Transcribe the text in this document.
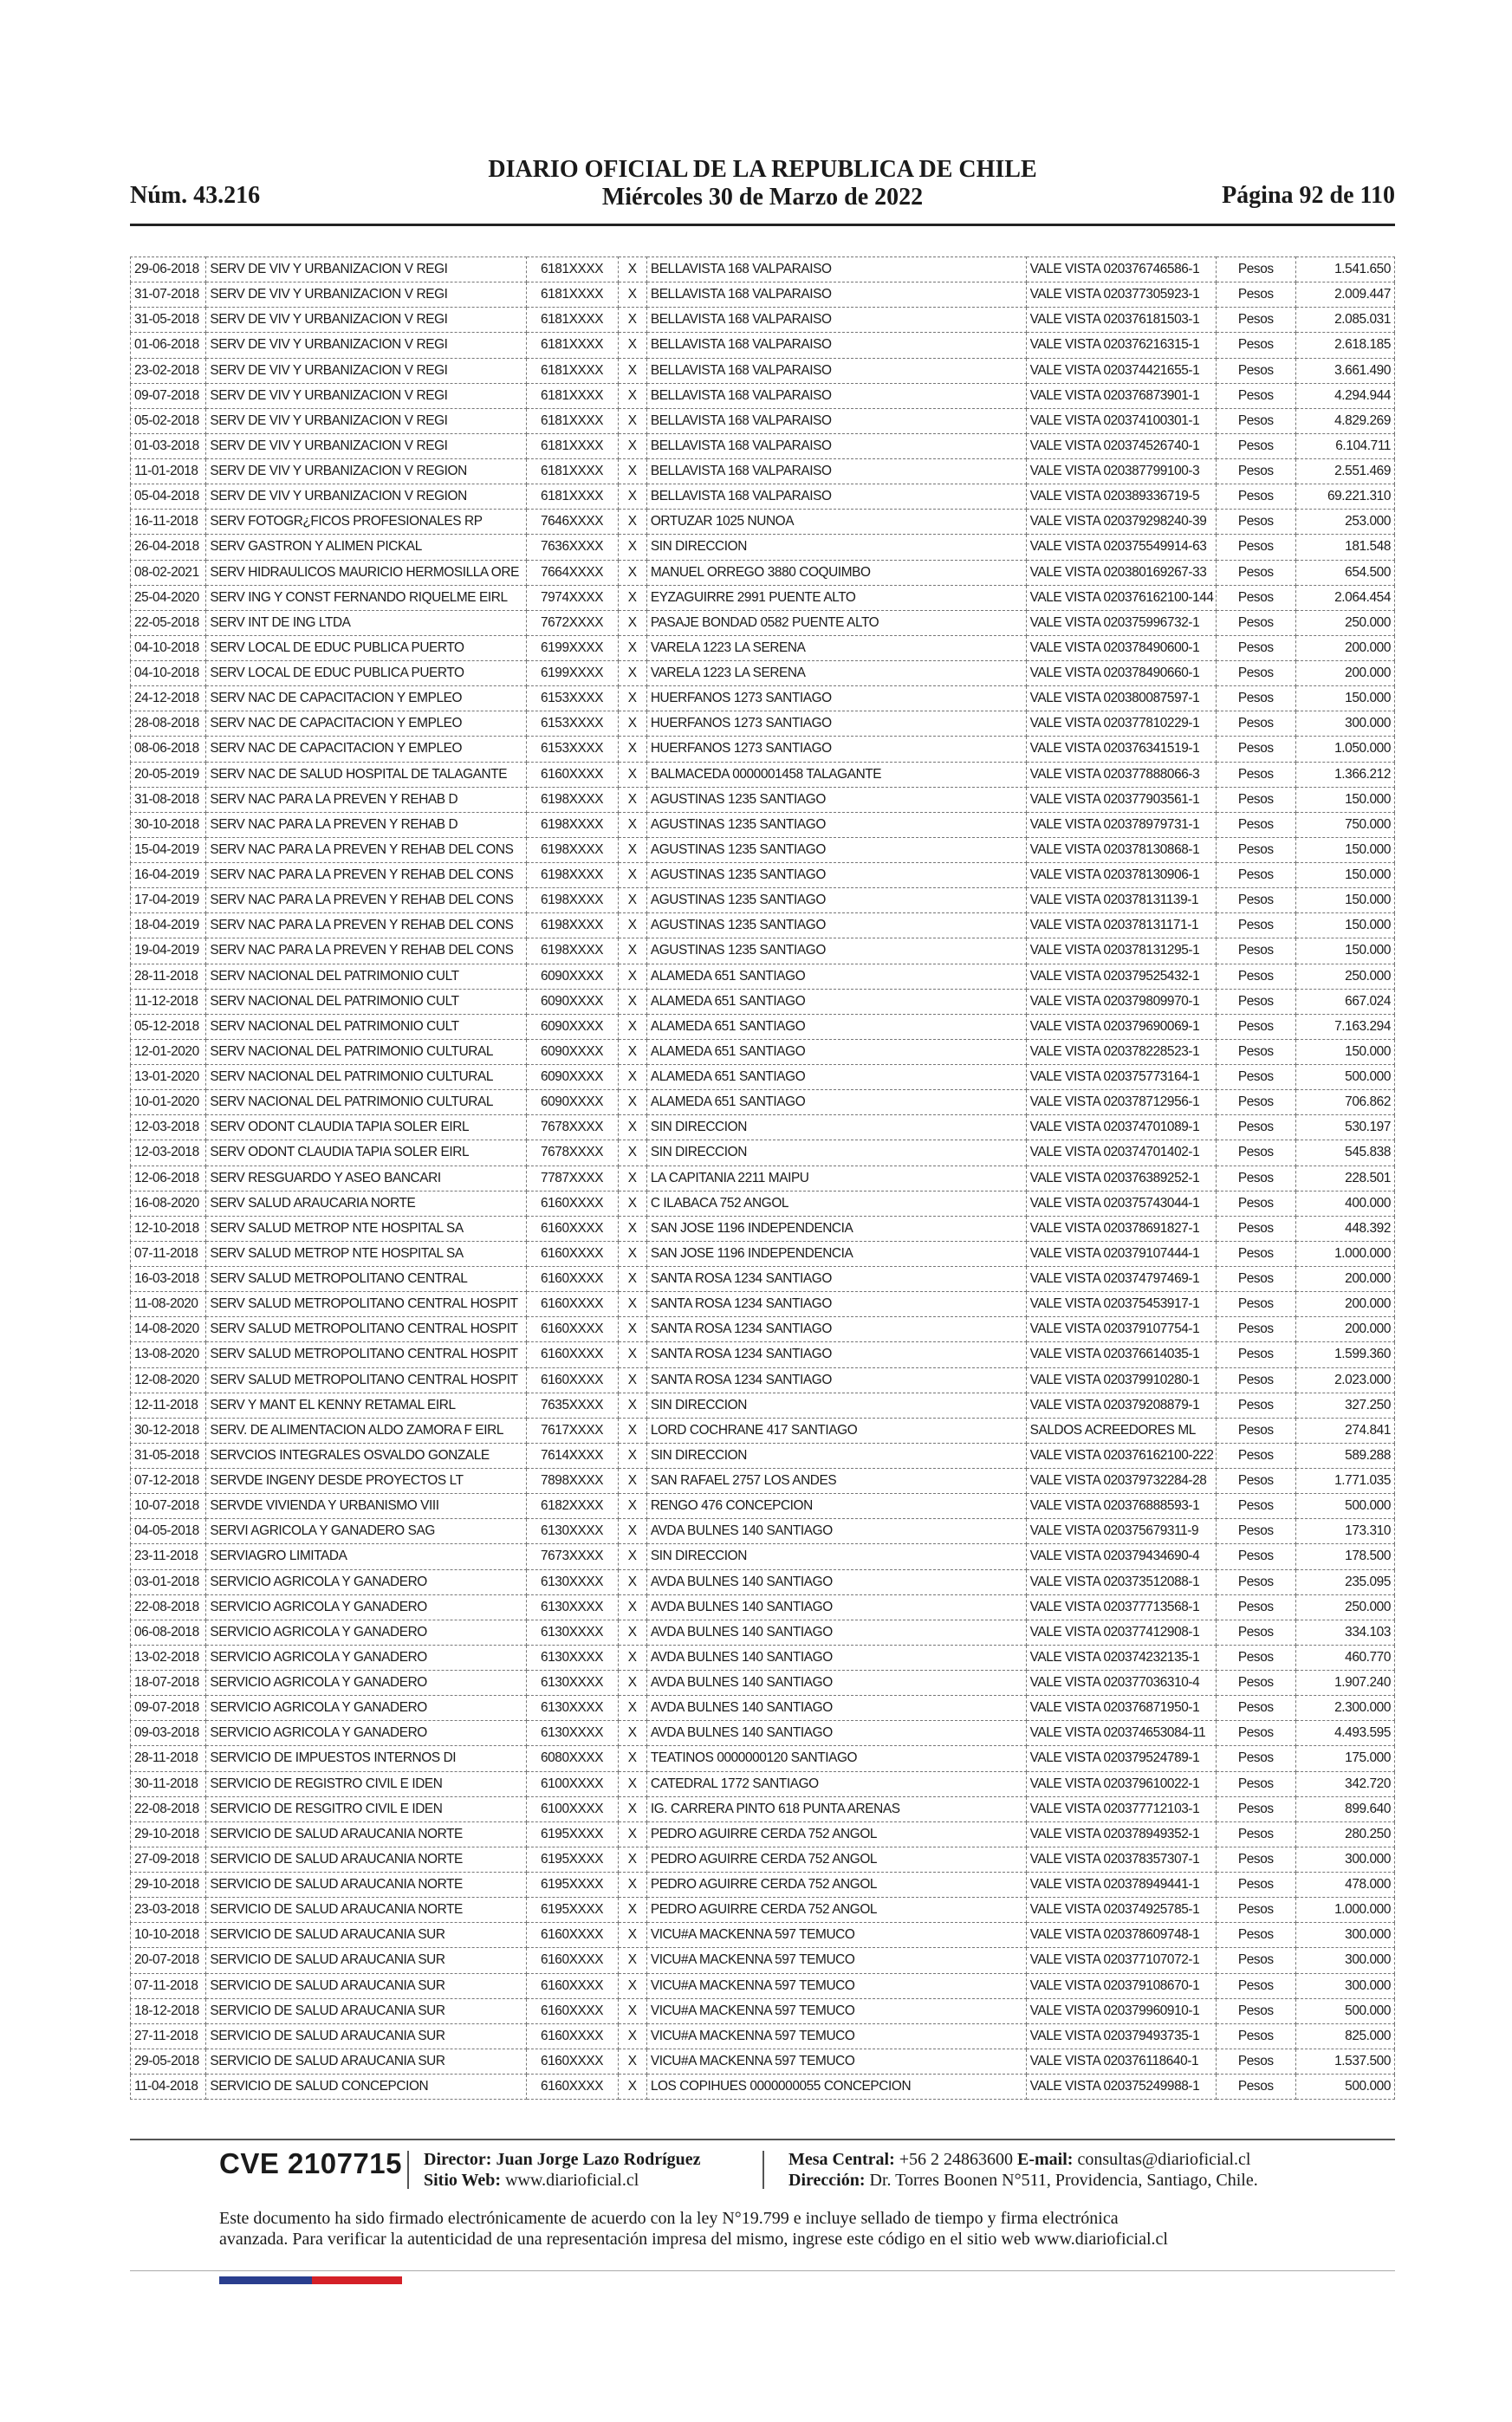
Núm. 43.216
DIARIO OFICIAL DE LA REPUBLICA DE CHILE
Miércoles 30 de Marzo de 2022	Página 92 de 110
29-06-2018	SERV DE VIV Y URBANIZACION V REGI	6181XXXX	X	BELLAVISTA 168 VALPARAISO	VALE VISTA 020376746586-1	Pesos	1.541.650
31-07-2018	SERV DE VIV Y URBANIZACION V REGI	6181XXXX	X	BELLAVISTA 168 VALPARAISO	VALE VISTA 020377305923-1	Pesos	2.009.447
31-05-2018	SERV DE VIV Y URBANIZACION V REGI	6181XXXX	X	BELLAVISTA 168 VALPARAISO	VALE VISTA 020376181503-1	Pesos	2.085.031
01-06-2018	SERV DE VIV Y URBANIZACION V REGI	6181XXXX	X	BELLAVISTA 168 VALPARAISO	VALE VISTA 020376216315-1	Pesos	2.618.185
23-02-2018	SERV DE VIV Y URBANIZACION V REGI	6181XXXX	X	BELLAVISTA 168 VALPARAISO	VALE VISTA 020374421655-1	Pesos	3.661.490
09-07-2018	SERV DE VIV Y URBANIZACION V REGI	6181XXXX	X	BELLAVISTA 168 VALPARAISO	VALE VISTA 020376873901-1	Pesos	4.294.944
05-02-2018	SERV DE VIV Y URBANIZACION V REGI	6181XXXX	X	BELLAVISTA 168 VALPARAISO	VALE VISTA 020374100301-1	Pesos	4.829.269
01-03-2018	SERV DE VIV Y URBANIZACION V REGI	6181XXXX	X	BELLAVISTA 168 VALPARAISO	VALE VISTA 020374526740-1	Pesos	6.104.711
11-01-2018	SERV DE VIV Y URBANIZACION V REGION	6181XXXX	X	BELLAVISTA 168 VALPARAISO	VALE VISTA 020387799100-3	Pesos	2.551.469
05-04-2018	SERV DE VIV Y URBANIZACION V REGION	6181XXXX	X	BELLAVISTA 168 VALPARAISO	VALE VISTA 020389336719-5	Pesos	69.221.310
16-11-2018	SERV FOTOGR¿FICOS PROFESIONALES RP	7646XXXX	X	ORTUZAR 1025 NUNOA	VALE VISTA 020379298240-39	Pesos	253.000
26-04-2018	SERV GASTRON Y ALIMEN PICKAL	7636XXXX	X	SIN DIRECCION	VALE VISTA 020375549914-63	Pesos	181.548
08-02-2021	SERV HIDRAULICOS MAURICIO HERMOSILLA ORE	7664XXXX	X	MANUEL ORREGO 3880 COQUIMBO	VALE VISTA 020380169267-33	Pesos	654.500
25-04-2020	SERV ING Y CONST FERNANDO RIQUELME EIRL	7974XXXX	X	EYZAGUIRRE 2991 PUENTE ALTO	VALE VISTA 020376162100-144	Pesos	2.064.454
22-05-2018	SERV INT DE ING LTDA	7672XXXX	X	PASAJE BONDAD 0582 PUENTE ALTO	VALE VISTA 020375996732-1	Pesos	250.000
04-10-2018	SERV LOCAL DE EDUC PUBLICA PUERTO	6199XXXX	X	VARELA 1223 LA SERENA	VALE VISTA 020378490600-1	Pesos	200.000
04-10-2018	SERV LOCAL DE EDUC PUBLICA PUERTO	6199XXXX	X	VARELA 1223 LA SERENA	VALE VISTA 020378490660-1	Pesos	200.000
24-12-2018	SERV NAC DE CAPACITACION Y EMPLEO	6153XXXX	X	HUERFANOS 1273 SANTIAGO	VALE VISTA 020380087597-1	Pesos	150.000
28-08-2018	SERV NAC DE CAPACITACION Y EMPLEO	6153XXXX	X	HUERFANOS 1273 SANTIAGO	VALE VISTA 020377810229-1	Pesos	300.000
08-06-2018	SERV NAC DE CAPACITACION Y EMPLEO	6153XXXX	X	HUERFANOS 1273 SANTIAGO	VALE VISTA 020376341519-1	Pesos	1.050.000
20-05-2019	SERV NAC DE SALUD HOSPITAL DE TALAGANTE	6160XXXX	X	BALMACEDA 0000001458 TALAGANTE	VALE VISTA 020377888066-3	Pesos	1.366.212
31-08-2018	SERV NAC PARA LA PREVEN Y REHAB D	6198XXXX	X	AGUSTINAS 1235 SANTIAGO	VALE VISTA 020377903561-1	Pesos	150.000
30-10-2018	SERV NAC PARA LA PREVEN Y REHAB D	6198XXXX	X	AGUSTINAS 1235 SANTIAGO	VALE VISTA 020378979731-1	Pesos	750.000
15-04-2019	SERV NAC PARA LA PREVEN Y REHAB DEL CONS	6198XXXX	X	AGUSTINAS 1235 SANTIAGO	VALE VISTA 020378130868-1	Pesos	150.000
16-04-2019	SERV NAC PARA LA PREVEN Y REHAB DEL CONS	6198XXXX	X	AGUSTINAS 1235 SANTIAGO	VALE VISTA 020378130906-1	Pesos	150.000
17-04-2019	SERV NAC PARA LA PREVEN Y REHAB DEL CONS	6198XXXX	X	AGUSTINAS 1235 SANTIAGO	VALE VISTA 020378131139-1	Pesos	150.000
18-04-2019	SERV NAC PARA LA PREVEN Y REHAB DEL CONS	6198XXXX	X	AGUSTINAS 1235 SANTIAGO	VALE VISTA 020378131171-1	Pesos	150.000
19-04-2019	SERV NAC PARA LA PREVEN Y REHAB DEL CONS	6198XXXX	X	AGUSTINAS 1235 SANTIAGO	VALE VISTA 020378131295-1	Pesos	150.000
28-11-2018	SERV NACIONAL DEL PATRIMONIO CULT	6090XXXX	X	ALAMEDA 651 SANTIAGO	VALE VISTA 020379525432-1	Pesos	250.000
11-12-2018	SERV NACIONAL DEL PATRIMONIO CULT	6090XXXX	X	ALAMEDA 651 SANTIAGO	VALE VISTA 020379809970-1	Pesos	667.024
05-12-2018	SERV NACIONAL DEL PATRIMONIO CULT	6090XXXX	X	ALAMEDA 651 SANTIAGO	VALE VISTA 020379690069-1	Pesos	7.163.294
12-01-2020	SERV NACIONAL DEL PATRIMONIO CULTURAL	6090XXXX	X	ALAMEDA 651 SANTIAGO	VALE VISTA 020378228523-1	Pesos	150.000
13-01-2020	SERV NACIONAL DEL PATRIMONIO CULTURAL	6090XXXX	X	ALAMEDA 651 SANTIAGO	VALE VISTA 020375773164-1	Pesos	500.000
10-01-2020	SERV NACIONAL DEL PATRIMONIO CULTURAL	6090XXXX	X	ALAMEDA 651 SANTIAGO	VALE VISTA 020378712956-1	Pesos	706.862
12-03-2018	SERV ODONT CLAUDIA TAPIA SOLER EIRL	7678XXXX	X	SIN DIRECCION	VALE VISTA 020374701089-1	Pesos	530.197
12-03-2018	SERV ODONT CLAUDIA TAPIA SOLER EIRL	7678XXXX	X	SIN DIRECCION	VALE VISTA 020374701402-1	Pesos	545.838
12-06-2018	SERV RESGUARDO Y ASEO BANCARI	7787XXXX	X	LA CAPITANIA 2211 MAIPU	VALE VISTA 020376389252-1	Pesos	228.501
16-08-2020	SERV SALUD ARAUCARIA NORTE	6160XXXX	X	C ILABACA 752 ANGOL	VALE VISTA 020375743044-1	Pesos	400.000
12-10-2018	SERV SALUD METROP NTE HOSPITAL SA	6160XXXX	X	SAN JOSE 1196 INDEPENDENCIA	VALE VISTA 020378691827-1	Pesos	448.392
07-11-2018	SERV SALUD METROP NTE HOSPITAL SA	6160XXXX	X	SAN JOSE 1196 INDEPENDENCIA	VALE VISTA 020379107444-1	Pesos	1.000.000
16-03-2018	SERV SALUD METROPOLITANO CENTRAL	6160XXXX	X	SANTA ROSA 1234 SANTIAGO	VALE VISTA 020374797469-1	Pesos	200.000
11-08-2020	SERV SALUD METROPOLITANO CENTRAL HOSPIT	6160XXXX	X	SANTA ROSA 1234 SANTIAGO	VALE VISTA 020375453917-1	Pesos	200.000
14-08-2020	SERV SALUD METROPOLITANO CENTRAL HOSPIT	6160XXXX	X	SANTA ROSA 1234 SANTIAGO	VALE VISTA 020379107754-1	Pesos	200.000
13-08-2020	SERV SALUD METROPOLITANO CENTRAL HOSPIT	6160XXXX	X	SANTA ROSA 1234 SANTIAGO	VALE VISTA 020376614035-1	Pesos	1.599.360
12-08-2020	SERV SALUD METROPOLITANO CENTRAL HOSPIT	6160XXXX	X	SANTA ROSA 1234 SANTIAGO	VALE VISTA 020379910280-1	Pesos	2.023.000
12-11-2018	SERV Y MANT EL KENNY RETAMAL EIRL	7635XXXX	X	SIN DIRECCION	VALE VISTA 020379208879-1	Pesos	327.250
30-12-2018	SERV. DE ALIMENTACION ALDO ZAMORA F EIRL	7617XXXX	X	LORD COCHRANE 417 SANTIAGO	SALDOS ACREEDORES ML	Pesos	274.841
31-05-2018	SERVCIOS INTEGRALES OSVALDO GONZALE	7614XXXX	X	SIN DIRECCION	VALE VISTA 020376162100-222	Pesos	589.288
07-12-2018	SERVDE INGENY DESDE PROYECTOS LT	7898XXXX	X	SAN RAFAEL 2757 LOS ANDES	VALE VISTA 020379732284-28	Pesos	1.771.035
10-07-2018	SERVDE VIVIENDA Y URBANISMO VIII	6182XXXX	X	RENGO 476 CONCEPCION	VALE VISTA 020376888593-1	Pesos	500.000
04-05-2018	SERVI AGRICOLA Y GANADERO SAG	6130XXXX	X	AVDA BULNES 140 SANTIAGO	VALE VISTA 020375679311-9	Pesos	173.310
23-11-2018	SERVIAGRO LIMITADA	7673XXXX	X	SIN DIRECCION	VALE VISTA 020379434690-4	Pesos	178.500
03-01-2018	SERVICIO AGRICOLA Y GANADERO	6130XXXX	X	AVDA BULNES 140 SANTIAGO	VALE VISTA 020373512088-1	Pesos	235.095
22-08-2018	SERVICIO AGRICOLA Y GANADERO	6130XXXX	X	AVDA BULNES 140 SANTIAGO	VALE VISTA 020377713568-1	Pesos	250.000
06-08-2018	SERVICIO AGRICOLA Y GANADERO	6130XXXX	X	AVDA BULNES 140 SANTIAGO	VALE VISTA 020377412908-1	Pesos	334.103
13-02-2018	SERVICIO AGRICOLA Y GANADERO	6130XXXX	X	AVDA BULNES 140 SANTIAGO	VALE VISTA 020374232135-1	Pesos	460.770
18-07-2018	SERVICIO AGRICOLA Y GANADERO	6130XXXX	X	AVDA BULNES 140 SANTIAGO	VALE VISTA 020377036310-4	Pesos	1.907.240
09-07-2018	SERVICIO AGRICOLA Y GANADERO	6130XXXX	X	AVDA BULNES 140 SANTIAGO	VALE VISTA 020376871950-1	Pesos	2.300.000
09-03-2018	SERVICIO AGRICOLA Y GANADERO	6130XXXX	X	AVDA BULNES 140 SANTIAGO	VALE VISTA 020374653084-11	Pesos	4.493.595
28-11-2018	SERVICIO DE IMPUESTOS INTERNOS DI	6080XXXX	X	TEATINOS 0000000120 SANTIAGO	VALE VISTA 020379524789-1	Pesos	175.000
30-11-2018	SERVICIO DE REGISTRO CIVIL E IDEN	6100XXXX	X	CATEDRAL 1772 SANTIAGO	VALE VISTA 020379610022-1	Pesos	342.720
22-08-2018	SERVICIO DE RESGITRO CIVIL E IDEN	6100XXXX	X	IG. CARRERA PINTO 618 PUNTA ARENAS	VALE VISTA 020377712103-1	Pesos	899.640
29-10-2018	SERVICIO DE SALUD ARAUCANIA NORTE	6195XXXX	X	PEDRO AGUIRRE CERDA 752 ANGOL	VALE VISTA 020378949352-1	Pesos	280.250
27-09-2018	SERVICIO DE SALUD ARAUCANIA NORTE	6195XXXX	X	PEDRO AGUIRRE CERDA 752 ANGOL	VALE VISTA 020378357307-1	Pesos	300.000
29-10-2018	SERVICIO DE SALUD ARAUCANIA NORTE	6195XXXX	X	PEDRO AGUIRRE CERDA 752 ANGOL	VALE VISTA 020378949441-1	Pesos	478.000
23-03-2018	SERVICIO DE SALUD ARAUCANIA NORTE	6195XXXX	X	PEDRO AGUIRRE CERDA 752 ANGOL	VALE VISTA 020374925785-1	Pesos	1.000.000
10-10-2018	SERVICIO DE SALUD ARAUCANIA SUR	6160XXXX	X	VICU#A MACKENNA 597 TEMUCO	VALE VISTA 020378609748-1	Pesos	300.000
20-07-2018	SERVICIO DE SALUD ARAUCANIA SUR	6160XXXX	X	VICU#A MACKENNA 597 TEMUCO	VALE VISTA 020377107072-1	Pesos	300.000
07-11-2018	SERVICIO DE SALUD ARAUCANIA SUR	6160XXXX	X	VICU#A MACKENNA 597 TEMUCO	VALE VISTA 020379108670-1	Pesos	300.000
18-12-2018	SERVICIO DE SALUD ARAUCANIA SUR	6160XXXX	X	VICU#A MACKENNA 597 TEMUCO	VALE VISTA 020379960910-1	Pesos	500.000
27-11-2018	SERVICIO DE SALUD ARAUCANIA SUR	6160XXXX	X	VICU#A MACKENNA 597 TEMUCO	VALE VISTA 020379493735-1	Pesos	825.000
29-05-2018	SERVICIO DE SALUD ARAUCANIA SUR	6160XXXX	X	VICU#A MACKENNA 597 TEMUCO	VALE VISTA 020376118640-1	Pesos	1.537.500
11-04-2018	SERVICIO DE SALUD CONCEPCION	6160XXXX	X	LOS COPIHUES 0000000055 CONCEPCION	VALE VISTA 020375249988-1	Pesos	500.000
CVE 2107715 Director: Juan Jorge Lazo Rodríguez
Sitio Web: www.diarioficial.cl
Mesa Central: +56 2 24863600 E-mail: consultas@diarioficial.cl
Dirección: Dr. Torres Boonen N°511, Providencia, Santiago, Chile.
Este documento ha sido firmado electrónicamente de acuerdo con la ley N°19.799 e incluye sellado de tiempo y firma electrónica
avanzada. Para verificar la autenticidad de una representación impresa del mismo, ingrese este código en el sitio web www.diarioficial.cl
